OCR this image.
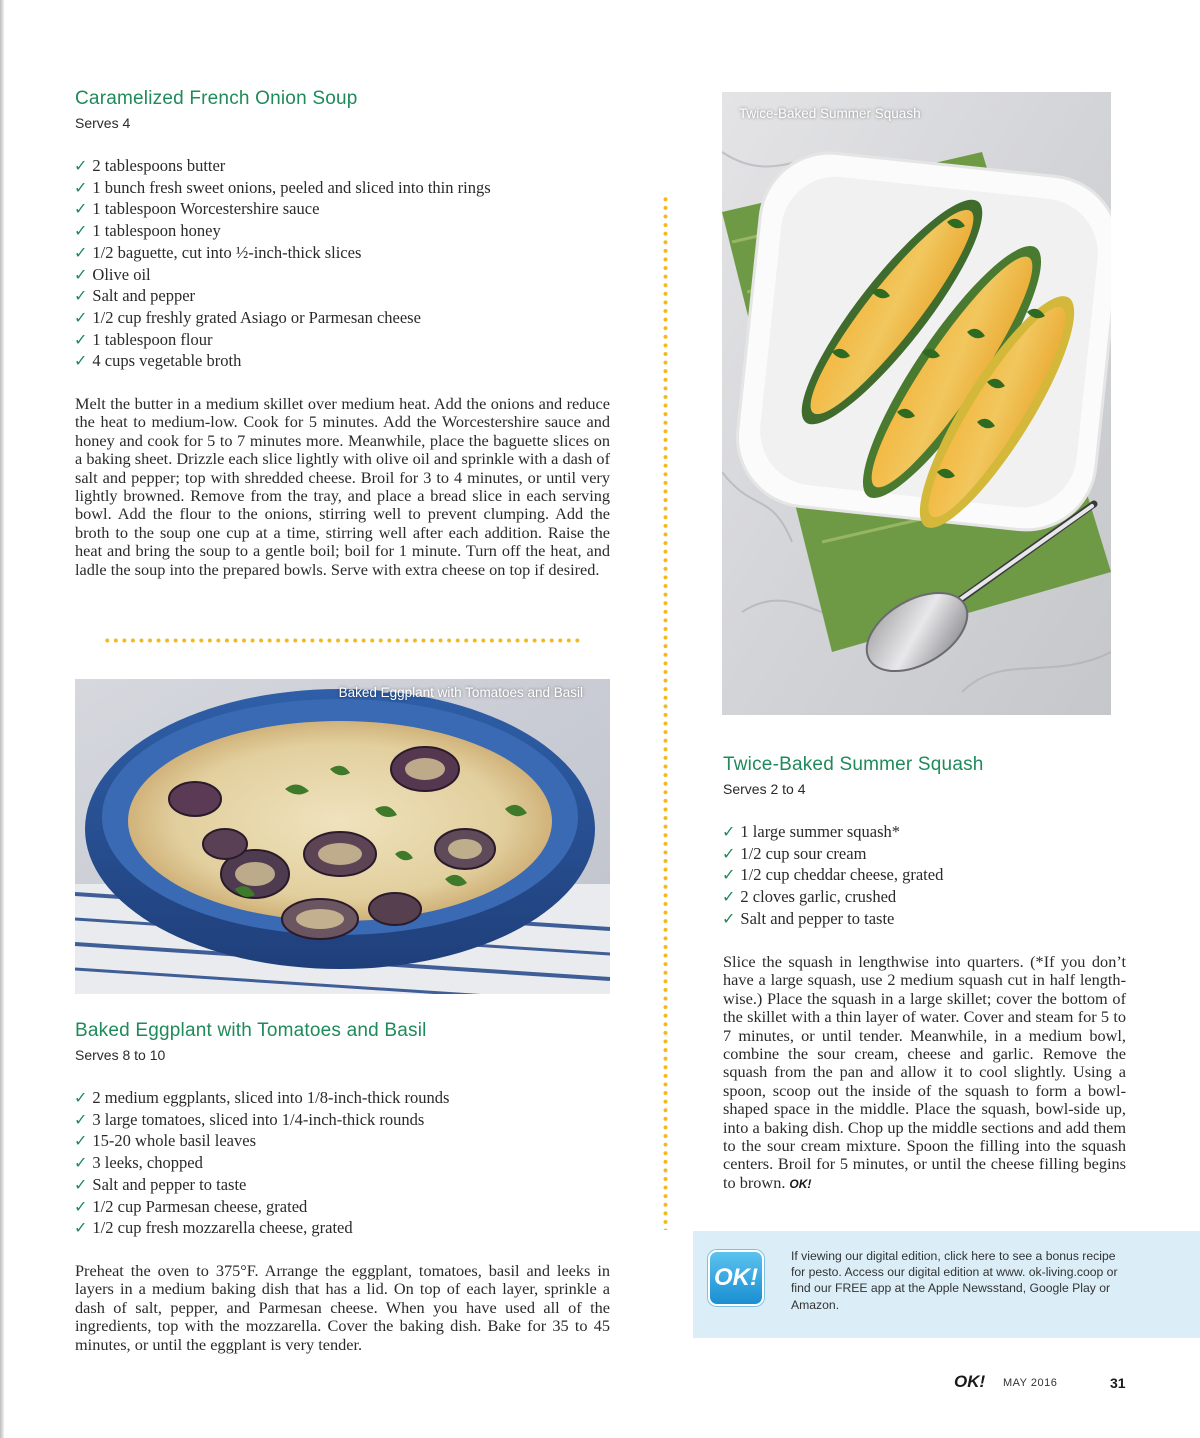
Caramelized French Onion Soup
Serves 4
✓ 2 tablespoons butter
✓ 1 bunch fresh sweet onions, peeled and sliced into thin rings
✓ 1 tablespoon Worcestershire sauce
✓ 1 tablespoon honey
✓ 1/2 baguette, cut into ½-inch-thick slices
✓ Olive oil
✓ Salt and pepper
✓ 1/2 cup freshly grated Asiago or Parmesan cheese
✓ 1 tablespoon flour
✓ 4 cups vegetable broth

Melt the butter in a medium skillet over medium heat. Add the onions and reduce the heat to medium-low. Cook for 5 minutes. Add the Worcestershire sauce and honey and cook for 5 to 7 minutes more. Meanwhile, place the baguette slices on a baking sheet. Drizzle each slice lightly with olive oil and sprinkle with a dash of salt and pepper; top with shredded cheese. Broil for 3 to 4 minutes, or until very lightly browned. Remove from the tray, and place a bread slice in each serving bowl. Add the flour to the onions, stirring well to prevent clumping. Add the broth to the soup one cup at a time, stirring well after each addition. Raise the heat and bring the soup to a gentle boil; boil for 1 minute. Turn off the heat, and ladle the soup into the prepared bowls. Serve with extra cheese on top if desired.

Baked Eggplant with Tomatoes and Basil
Baked Eggplant with Tomatoes and Basil
Serves 8 to 10
✓ 2 medium eggplants, sliced into 1/8-inch-thick rounds
✓ 3 large tomatoes, sliced into 1/4-inch-thick rounds
✓ 15-20 whole basil leaves
✓ 3 leeks, chopped
✓ Salt and pepper to taste
✓ 1/2 cup Parmesan cheese, grated
✓ 1/2 cup fresh mozzarella cheese, grated

Preheat the oven to 375°F. Arrange the eggplant, tomatoes, basil and leeks in layers in a medium baking dish that has a lid. On top of each layer, sprinkle a dash of salt, pepper, and Parmesan cheese. When you have used all of the ingredients, top with the mozzarella. Cover the baking dish. Bake for 35 to 45 minutes, or until the eggplant is very tender.

Twice-Baked Summer Squash
Twice-Baked Summer Squash
Serves 2 to 4
✓ 1 large summer squash*
✓ 1/2 cup sour cream
✓ 1/2 cup cheddar cheese, grated
✓ 2 cloves garlic, crushed
✓ Salt and pepper to taste

Slice the squash in lengthwise into quarters. (*If you don’t have a large squash, use 2 medium squash cut in half length-wise.) Place the squash in a large skillet; cover the bottom of the skillet with a thin layer of water. Cover and steam for 5 to 7 minutes, or until tender. Meanwhile, in a medium bowl, combine the sour cream, cheese and garlic. Remove the squash from the pan and allow it to cool slightly. Using a spoon, scoop out the inside of the squash to form a bowl-shaped space in the middle. Place the squash, bowl-side up, into a baking dish. Chop up the middle sections and add them to the sour cream mixture. Spoon the filling into the squash centers. Broil for 5 minutes, or until the cheese filling begins to brown. OK!

OK!

If viewing our digital edition, click here to see a bonus recipe for pesto. Access our digital edition at www. ok-living.coop or find our FREE app at the Apple Newsstand, Google Play or Amazon.

OK! MAY 2016	31
